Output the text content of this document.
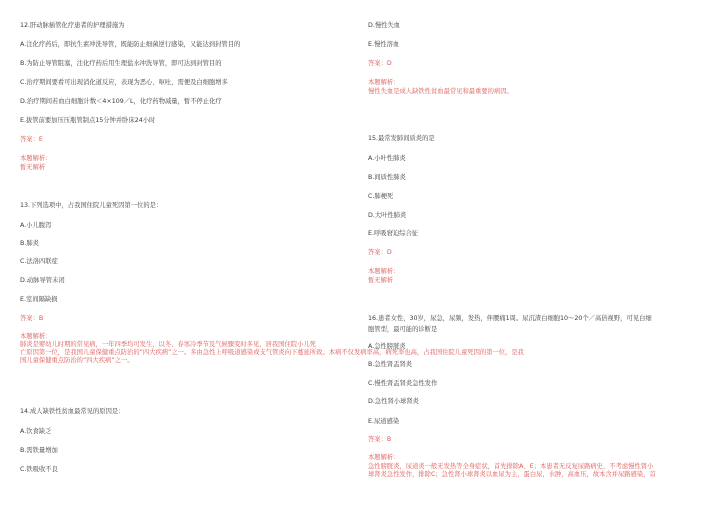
12.肝动脉插管化疗患者的护理措施为
A.注化疗药后，即抗生素冲洗导管，既能防止细菌逆行感染，又能达到封管目的
B.为防止导管阻塞，注化疗药后用生理盐水冲洗导管，即可达到封管目的
C.治疗期间要看可出现消化道反应，表现为恶心、呕吐，需便及白细胞增多
D.治疗期间若血白细胞计数＜4×109／L，化疗药物减量，暂不停止化疗
E.拔管前要加压压瓶管制点15分钟并卧床24小时
答案：E
本题解析：
暂无解析
13.下列选项中，占我国住院儿童死因第一位的是：
A.小儿腹泻
B.肺炎
C.法洛四联症
D.动脉导管未闭
E.室间隔缺损
答案：B
本题解析：
肺炎是婴幼儿时期的常见病，一年四季均可发生，以冬、春寒冷季节及气候骤变时多见，居我国住院小儿死
亡原因第一位，是我国儿童保健重点防治的“四大疾病”之一。多由急性上呼吸道感染或支气管炎向下蔓延所致。本病不仅发病率高，病死率也高，占我国住院儿童死因的第一位，是我
国儿童保健重点防治的“四大疾病”之一。
14.成人缺铁性贫血最常见的原因是：
A.饮食缺乏
B.需铁量增加
C.铁吸收不良
D.慢性失血
E.慢性溶血
答案：D
本题解析：
慢性失血是成人缺铁性贫血最常见和最重要的病因。
15.最常发肺间质炎的是
A.小叶性肺炎
B.间质性肺炎
C.肺梗死
D.大叶性肺炎
E.呼吸窘迫综合征
答案：D
本题解析：
暂无解析
16.患者女性，30岁，尿急，尿频，发热，伴腰痛1周。尿沉渣白细胞10～20个／高倍视野，可见白细
胞管型，最可能的诊断是
A.急性膀胱炎
B.急性肾盂肾炎
C.慢性肾盂肾炎急性发作
D.急性肾小球肾炎
E.尿道感染
答案：B
本题解析：
急性膀胱炎，尿道炎一般无发热等全身症状，首先排除A、E；本患者无反复尿路病史，不考虑慢性肾小
球肾炎急性发作，排除C；急性肾小球肾炎以血尿为主，蛋白尿，水肿，高血压，故本含并尿路感染，首
